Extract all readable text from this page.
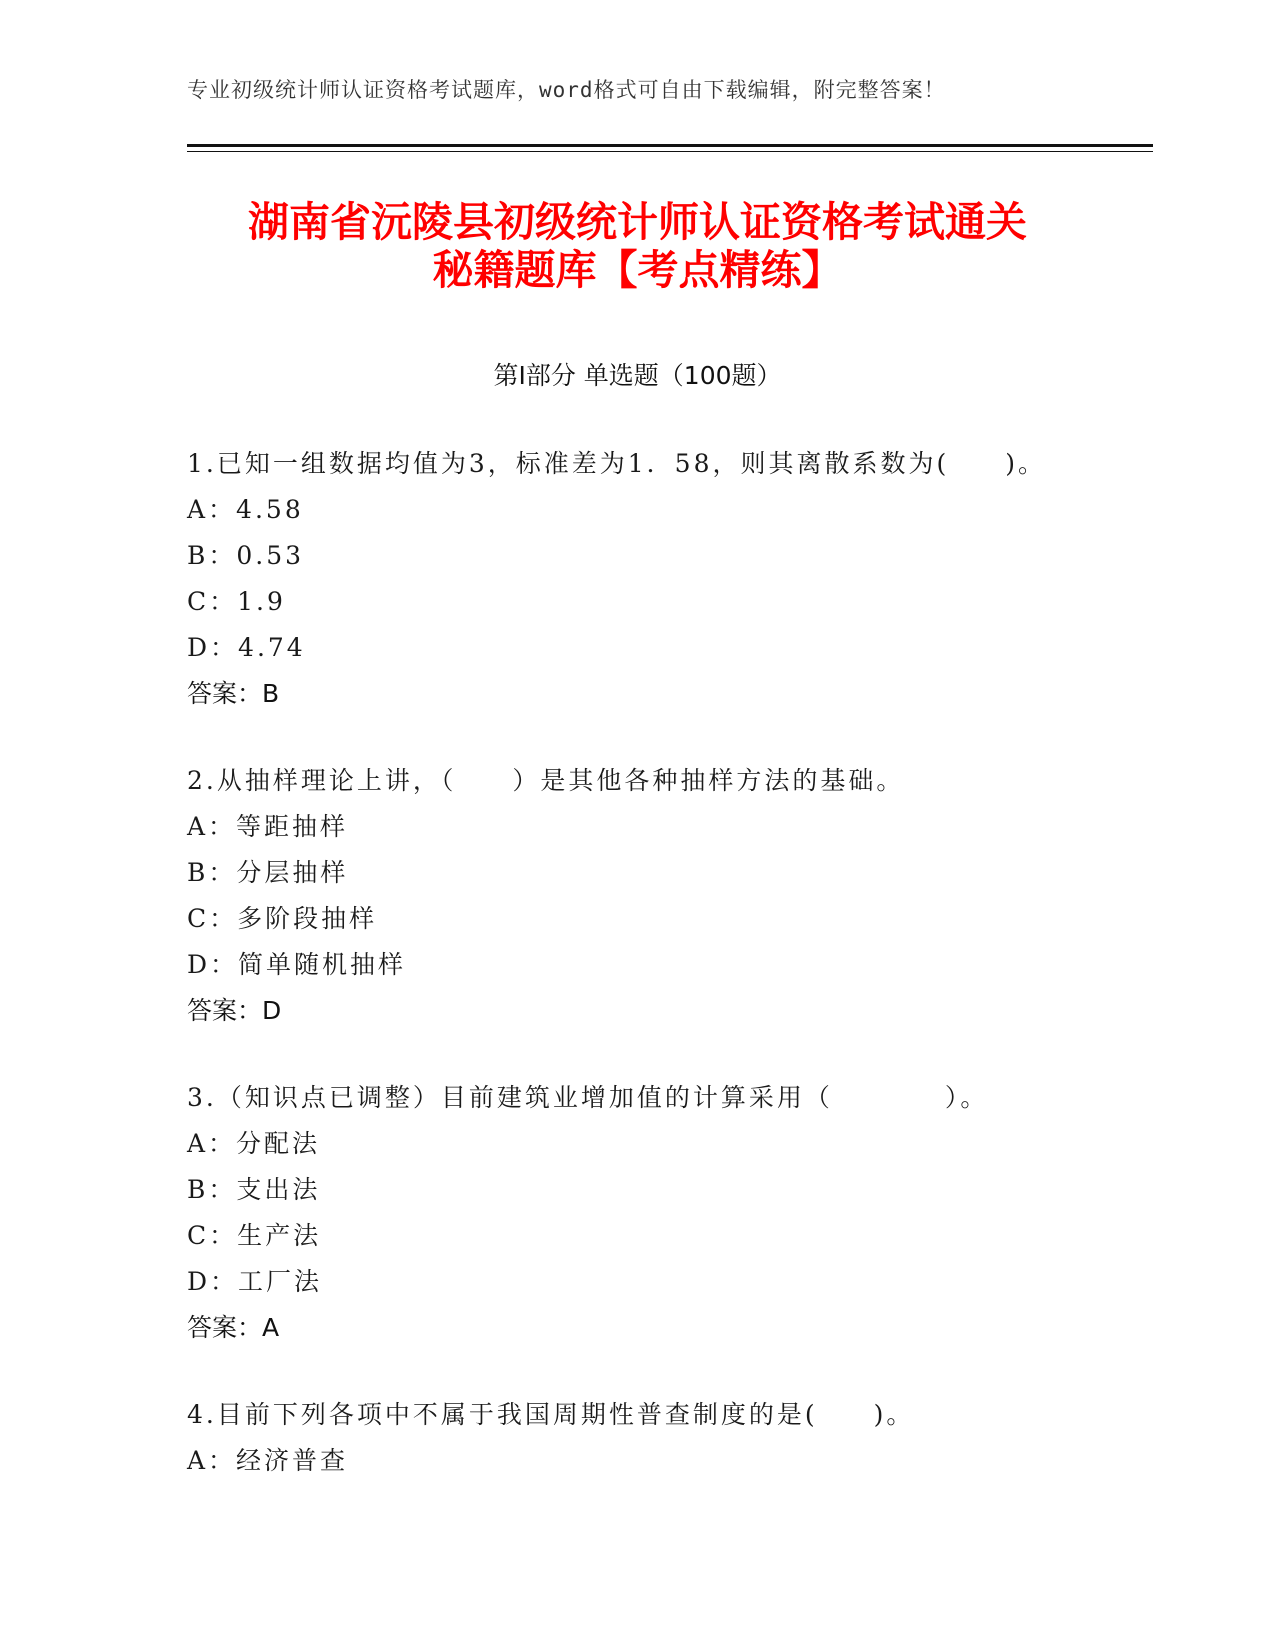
专业初级统计师认证资格考试题库，word格式可自由下载编辑，附完整答案！
湖南省沅陵县初级统计师认证资格考试通关
秘籍题库【考点精练】
第Ⅰ部分 单选题（100题）
1.已知一组数据均值为3，标准差为1．58，则其离散系数为(　　)。
A：4.58
B：0.53
C：1.9
D：4.74
答案：B
2.从抽样理论上讲，（　　）是其他各种抽样方法的基础。
A：等距抽样
B：分层抽样
C：多阶段抽样
D：简单随机抽样
答案：D
3.（知识点已调整）目前建筑业增加值的计算采用（　　　　）。
A：分配法
B：支出法
C：生产法
D：工厂法
答案：A
4.目前下列各项中不属于我国周期性普查制度的是(　　)。
A：经济普查
